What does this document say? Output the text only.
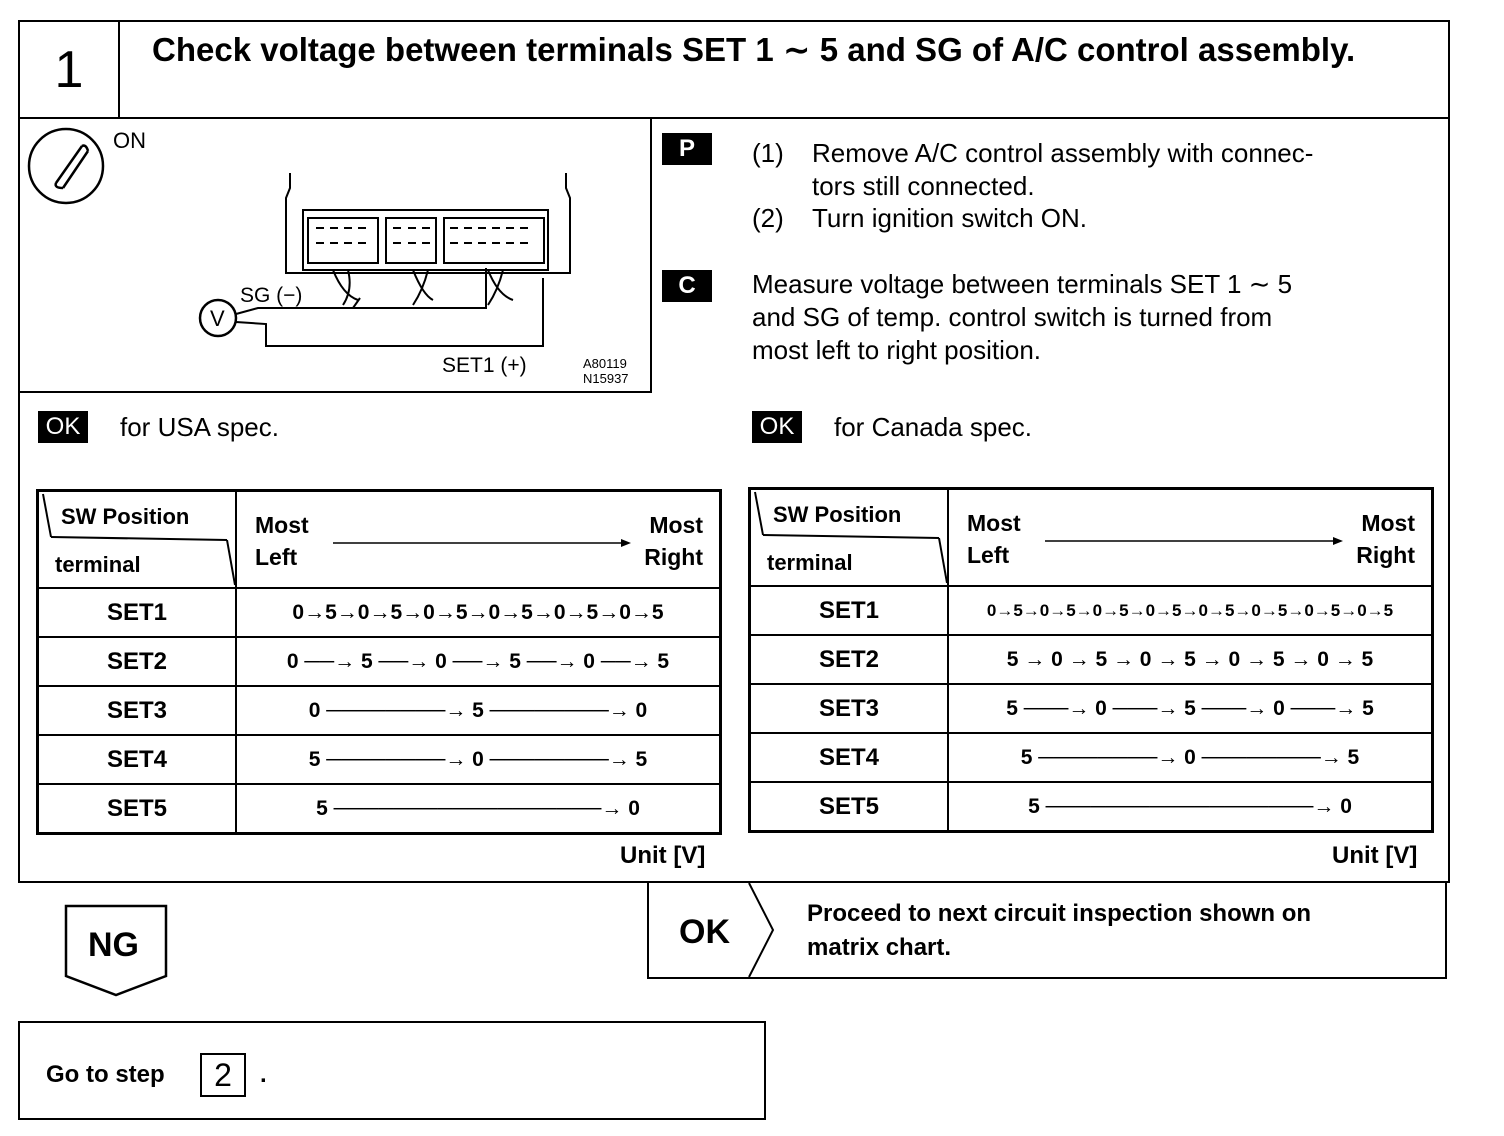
1	Check voltage between terminals SET 1 ∼ 5 and SG of A/C control assembly.
ON
V
SG (−)
SET1 (+)	A80119
N15937
P	(1) Remove A/C control assembly with connec-
tors still connected.
(2) Turn ignition switch ON.
C	Measure voltage between terminals SET 1 ∼ 5
and SG of temp. control switch is turned from
most left to right position.
OK for USA spec.
SW Position
terminal	Most
Left
Most
Right

SET1	0→5→0→5→0→5→0→5→0→5→0→5
SET2	0 ──→ 5 ──→ 0 ──→ 5 ──→ 0 ──→ 5
SET3	0 ────────→ 5 ────────→ 0
SET4	5 ────────→ 0 ────────→ 5
SET5	5 ──────────────────→ 0
Unit [V]
OK for Canada spec.
SW Position
terminal	Most
Left
Most
Right

SET1	0→5→0→5→0→5→0→5→0→5→0→5→0→5→0→5
SET2	5 → 0 → 5 → 0 → 5 → 0 → 5 → 0 → 5
SET3	5 ───→ 0 ───→ 5 ───→ 0 ───→ 5
SET4	5 ────────→ 0 ────────→ 5
SET5	5 ──────────────────→ 0
Unit [V]
NG	OK	Proceed to next circuit inspection shown on
matrix chart.
Go to step	2	.
